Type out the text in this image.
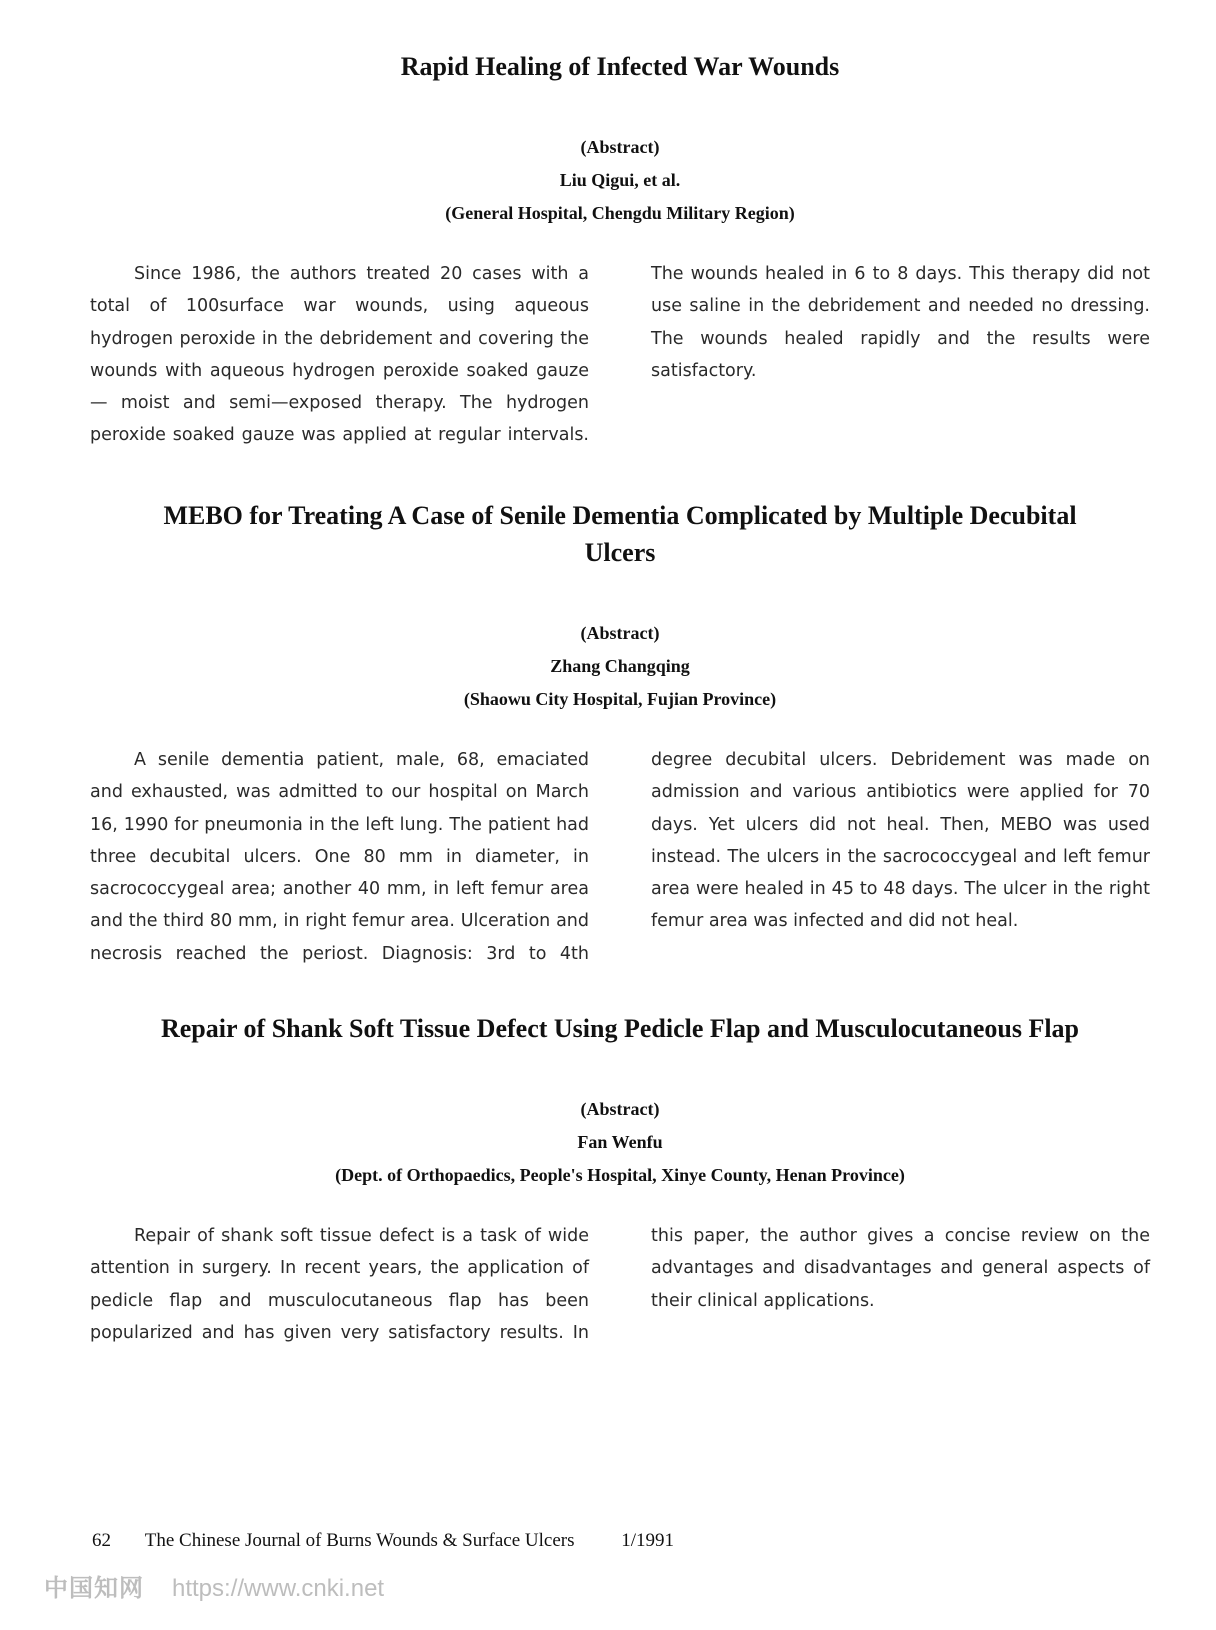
Rapid Healing of Infected War Wounds
(Abstract)
Liu Qigui, et al.
(General Hospital, Chengdu Military Region)

Since 1986, the authors treated 20 cases with a total of 100surface war wounds, using aqueous hydrogen peroxide in the debridement and covering the wounds with aqueous hydrogen peroxide soaked gauze— moist and semi—exposed therapy. The hydrogen peroxide soaked gauze was applied at regular intervals. The wounds healed in 6 to 8 days. This therapy did not use saline in the debridement and needed no dressing. The wounds healed rapidly and the results were satisfactory.

MEBO for Treating A Case of Senile Dementia Complicated by Multiple Decubital Ulcers
(Abstract)
Zhang Changqing
(Shaowu City Hospital, Fujian Province)

A senile dementia patient, male, 68, emaciated and exhausted, was admitted to our hospital on March 16, 1990 for pneumonia in the left lung. The patient had three decubital ulcers. One 80 mm in diameter, in sacrococcygeal area; another 40 mm, in left femur area and the third 80 mm, in right femur area. Ulceration and necrosis reached the periost. Diagnosis: 3rd to 4th degree decubital ulcers. Debridement was made on admission and various antibiotics were applied for 70 days. Yet ulcers did not heal. Then, MEBO was used instead. The ulcers in the sacrococcygeal and left femur area were healed in 45 to 48 days. The ulcer in the right femur area was infected and did not heal.

Repair of Shank Soft Tissue Defect Using Pedicle Flap and Musculocutaneous Flap
(Abstract)
Fan Wenfu
(Dept. of Orthopaedics, People's Hospital, Xinye County, Henan Province)

Repair of shank soft tissue defect is a task of wide attention in surgery. In recent years, the application of pedicle flap and musculocutaneous flap has been popularized and has given very satisfactory results. In this paper, the author gives a concise review on the advantages and disadvantages and general aspects of their clinical applications.

62 The Chinese Journal of Burns Wounds & Surface Ulcers 1/1991
中国知网 https://www.cnki.net
